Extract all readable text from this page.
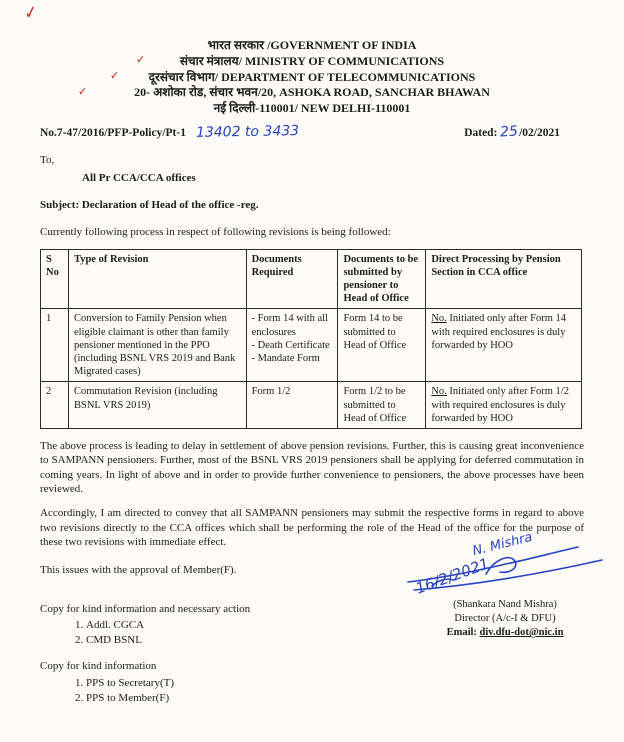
✓
✓
✓
✓
भारत सरकार /GOVERNMENT OF INDIA
संचार मंत्रालय/ MINISTRY OF COMMUNICATIONS
दूरसंचार विभाग/ DEPARTMENT OF TELECOMMUNICATIONS
20- अशोका रोड, संचार भवन/20, ASHOKA ROAD, SANCHAR BHAWAN
नई दिल्ली-110001/ NEW DELHI-110001
No.7-47/2016/PFP-Policy/Pt-1 13402 to 3433	Dated: 25/02/2021
To,
All Pr CCA/CCA offices
Subject: Declaration of Head of the office -reg.
Currently following process in respect of following revisions is being followed:
S No	Type of Revision	Documents Required	Documents to be submitted by pensioner to Head of Office	Direct Processing by Pension Section in CCA office
1	Conversion to Family Pension when eligible claimant is other than family pensioner mentioned in the PPO (including BSNL VRS 2019 and Bank Migrated cases)	- Form 14 with all enclosures
- Death Certificate
- Mandate Form	Form 14 to be submitted to Head of Office	No. Initiated only after Form 14 with required enclosures is duly forwarded by HOO
2	Commutation Revision (including BSNL VRS 2019)	Form 1/2	Form 1/2 to be submitted to Head of Office	No. Initiated only after Form 1/2 with required enclosures is duly forwarded by HOO
The above process is leading to delay in settlement of above pension revisions. Further, this is causing great inconvenience to SAMPANN pensioners. Further, most of the BSNL VRS 2019 pensioners shall be applying for deferred commutation in coming years. In light of above and in order to provide further convenience to pensioners, the above processes have been reviewed.
Accordingly, I am directed to convey that all SAMPANN pensioners may submit the respective forms in regard to above two revisions directly to the CCA offices which shall be performing the role of the Head of the office for the purpose of these two revisions with immediate effect.
This issues with the approval of Member(F).
N. Mishra
16/2/2021
(Shankara Nand Mishra)
Director (A/c-I & DFU)
Email: div.dfu-dot@nic.in
Copy for kind information and necessary action
1. Addl. CGCA
2. CMD BSNL
Copy for kind information
1. PPS to Secretary(T)
2. PPS to Member(F)
